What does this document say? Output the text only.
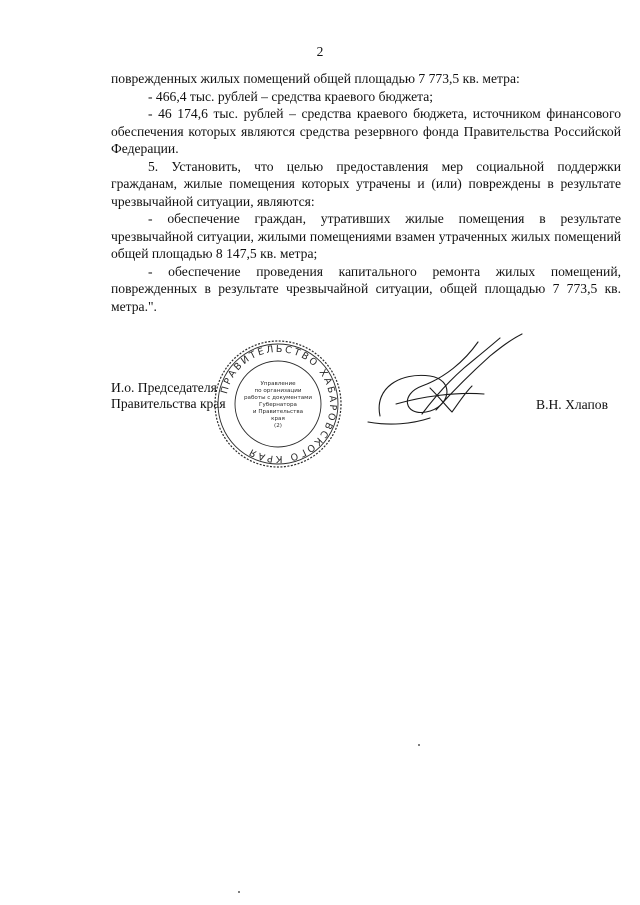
2

поврежденных жилых помещений общей площадью 7 773,5 кв. метра:

- 466,4 тыс. рублей – средства краевого бюджета;

- 46 174,6 тыс. рублей – средства краевого бюджета, источником финансового обеспечения которых являются средства резервного фонда Правительства Российской Федерации.

5. Установить, что целью предоставления мер социальной поддержки гражданам, жилые помещения которых утрачены и (или) повреждены в результате чрезвычайной ситуации, являются:

- обеспечение граждан, утративших жилые помещения в результате чрезвычайной ситуации, жилыми помещениями взамен утраченных жилых помещений общей площадью 8 147,5 кв. метра;

- обеспечение проведения капитального ремонта жилых помещений, поврежденных в результате чрезвычайной ситуации, общей площадью 7 773,5 кв. метра.".

И.о. Председателя
Правительства края
ПРАВИТЕЛЬСТВО ХАБАРОВСКОГО КРАЯ
Управление
по организации
работы с документами
Губернатора
и Правительства
края
(2)
В.Н. Хлапов
